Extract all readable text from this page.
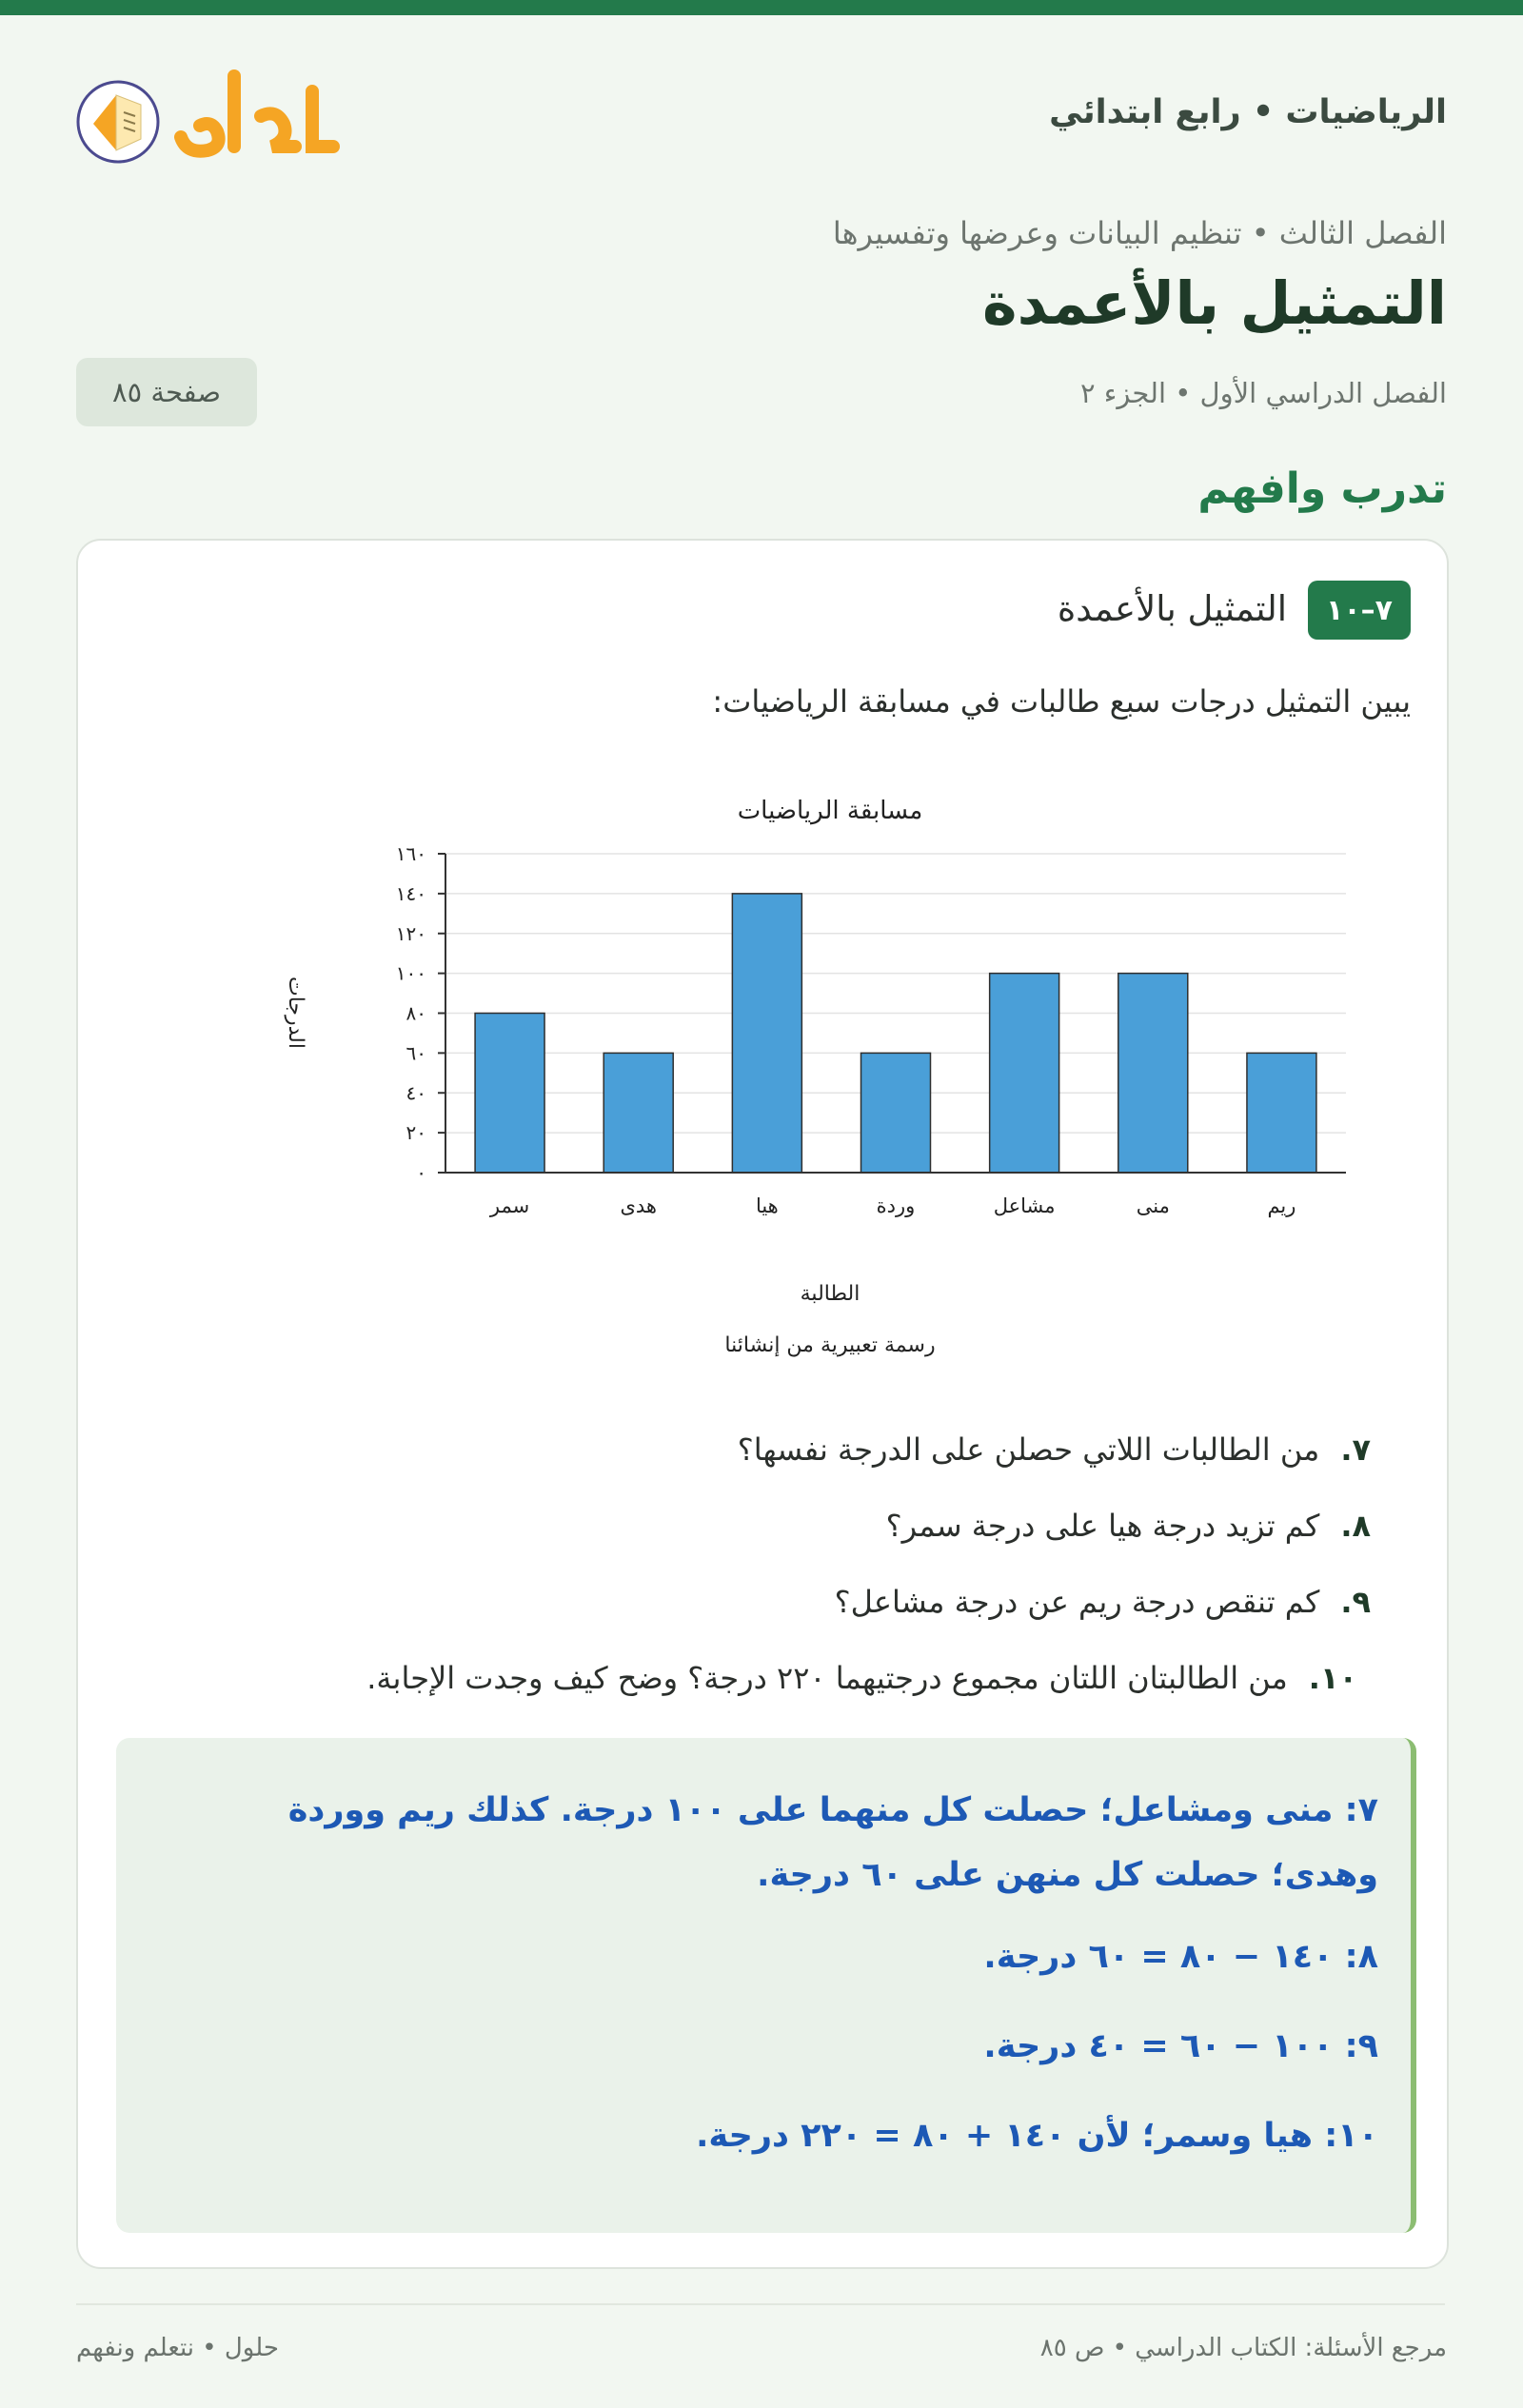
الرياضيات • رابع ابتدائي
الفصل الثالث • تنظيم البيانات وعرضها وتفسيرها
التمثيل بالأعمدة
الفصل الدراسي الأول • الجزء ٢
صفحة ٨٥
تدرب وافهم
٧–١٠
التمثيل بالأعمدة
يبين التمثيل درجات سبع طالبات في مسابقة الرياضيات:
٠
٢٠
٤٠
٦٠
٨٠
١٠٠
١٢٠
١٤٠
١٦٠
سمر	هدى	هيا	وردة	مشاعل	منى	ريم
مسابقة الرياضيات
الدرجات
الطالبة
رسمة تعبيرية من إنشائنا
٧.
من الطالبات اللاتي حصلن على الدرجة نفسها؟
٨.
كم تزيد درجة هيا على درجة سمر؟
٩.
كم تنقص درجة ريم عن درجة مشاعل؟
١٠.
من الطالبتان اللتان مجموع درجتيهما ٢٢٠ درجة؟ وضح كيف وجدت الإجابة.
٧: منى ومشاعل؛ حصلت كل منهما على ١٠٠ درجة. كذلك ريم ووردة
وهدى؛ حصلت كل منهن على ٦٠ درجة.
٨: ١٤٠ − ٨٠ = ٦٠ درجة.
٩: ١٠٠ − ٦٠ = ٤٠ درجة.
١٠: هيا وسمر؛ لأن ١٤٠ + ٨٠ = ٢٢٠ درجة.
مرجع الأسئلة: الكتاب الدراسي • ص ٨٥
حلول • نتعلم ونفهم
